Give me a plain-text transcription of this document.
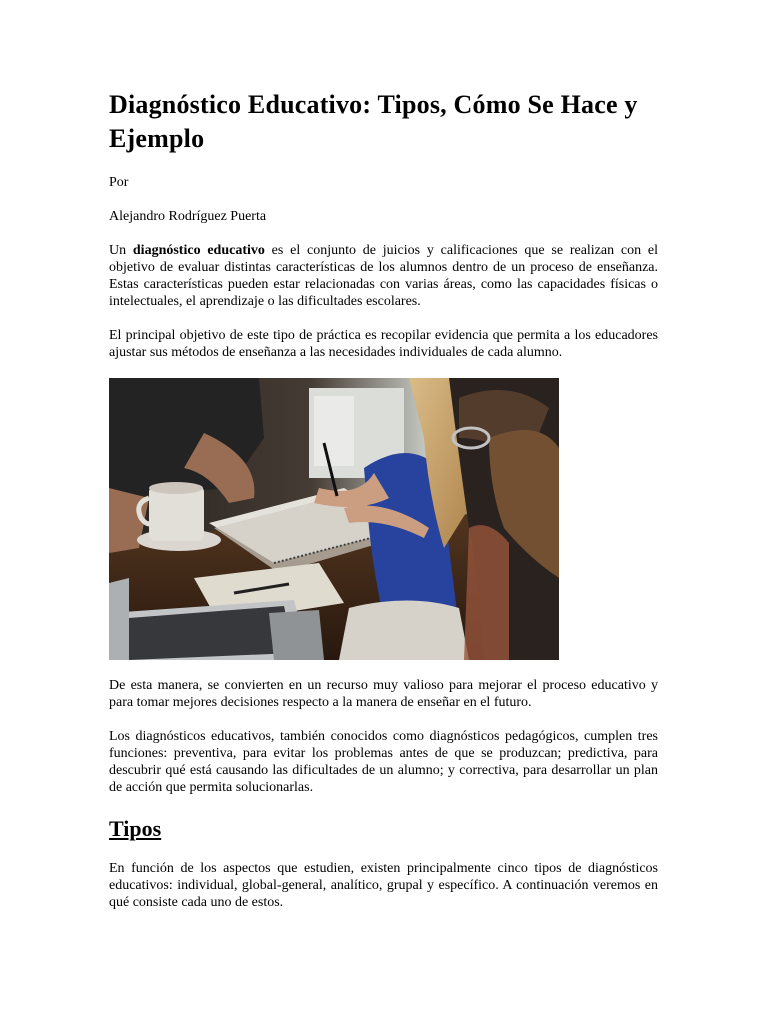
Diagnóstico Educativo: Tipos, Cómo Se Hace y Ejemplo

Por

Alejandro Rodríguez Puerta

Un diagnóstico educativo es el conjunto de juicios y calificaciones que se realizan con el objetivo de evaluar distintas características de los alumnos dentro de un proceso de enseñanza. Estas características pueden estar relacionadas con varias áreas, como las capacidades físicas o intelectuales, el aprendizaje o las dificultades escolares.

El principal objetivo de este tipo de práctica es recopilar evidencia que permita a los educadores ajustar sus métodos de enseñanza a las necesidades individuales de cada alumno.

De esta manera, se convierten en un recurso muy valioso para mejorar el proceso educativo y para tomar mejores decisiones respecto a la manera de enseñar en el futuro.

Los diagnósticos educativos, también conocidos como diagnósticos pedagógicos, cumplen tres funciones: preventiva, para evitar los problemas antes de que se produzcan; predictiva, para descubrir qué está causando las dificultades de un alumno; y correctiva, para desarrollar un plan de acción que permita solucionarlas.

Tipos

En función de los aspectos que estudien, existen principalmente cinco tipos de diagnósticos educativos: individual, global-general, analítico, grupal y específico. A continuación veremos en qué consiste cada uno de estos.
